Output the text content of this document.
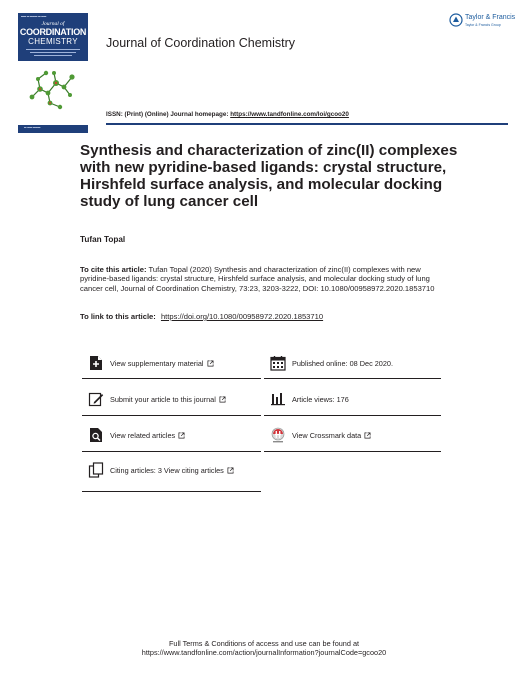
▬▬ ▬ ▬▬▬ ▬ ▬▬
Journal of
COORDINATION
CHEMISTRY
▬ ▬▬ ▬▬▬
Journal of Coordination Chemistry
Taylor & Francis
Taylor & Francis Group
ISSN: (Print) (Online) Journal homepage: https://www.tandfonline.com/loi/gcoo20
Synthesis and characterization of zinc(II) complexes with new pyridine-based ligands: crystal structure, Hirshfeld surface analysis, and molecular docking study of lung cancer cell
Tufan Topal
To cite this article: Tufan Topal (2020) Synthesis and characterization of zinc(II) complexes with new pyridine-based ligands: crystal structure, Hirshfeld surface analysis, and molecular docking study of lung cancer cell, Journal of Coordination Chemistry, 73:23, 3203-3222, DOI: 10.1080/00958972.2020.1853710
To link to this article: https://doi.org/10.1080/00958972.2020.1853710
View supplementary material
Submit your article to this journal
View related articles
Citing articles: 3 View citing articles
Published online: 08 Dec 2020.
Article views: 176
View Crossmark data
Full Terms & Conditions of access and use can be found at
https://www.tandfonline.com/action/journalInformation?journalCode=gcoo20
